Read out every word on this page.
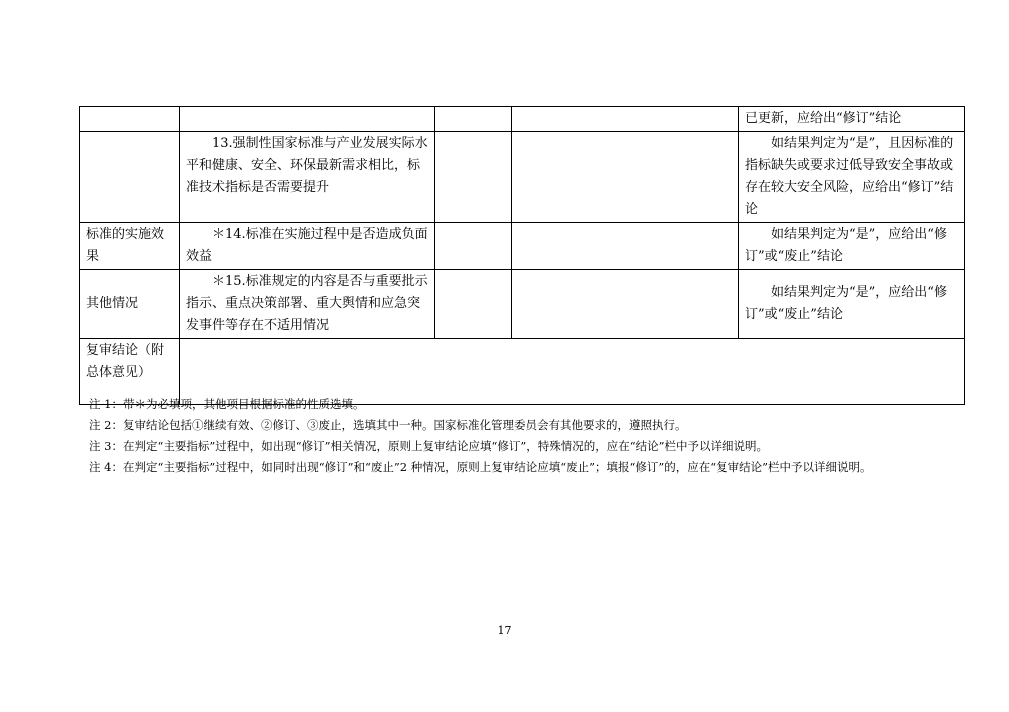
				已更新，应给出“修订”结论
	13.强制性国家标准与产业发展实际水平和健康、安全、环保最新需求相比，标准技术指标是否需要提升			如结果判定为“是”，且因标准的指标缺失或要求过低导致安全事故或存在较大安全风险，应给出“修订”结论
标准的实施效果	＊14.标准在实施过程中是否造成负面效益			如结果判定为“是”，应给出“修订”或“废止”结论
其他情况	＊15.标准规定的内容是否与重要批示指示、重点决策部署、重大舆情和应急突发事件等存在不适用情况			如结果判定为“是”，应给出“修订”或“废止”结论
复审结论（附总体意见）				

注 1：带＊为必填项，其他项目根据标准的性质选填。

注 2：复审结论包括①继续有效、②修订、③废止，选填其中一种。国家标准化管理委员会有其他要求的，遵照执行。

注 3：在判定“主要指标”过程中，如出现“修订”相关情况，原则上复审结论应填“修订”，特殊情况的，应在“结论”栏中予以详细说明。

注 4：在判定“主要指标”过程中，如同时出现“修订”和“废止”2 种情况，原则上复审结论应填“废止”；填报“修订”的，应在“复审结论”栏中予以详细说明。

17
